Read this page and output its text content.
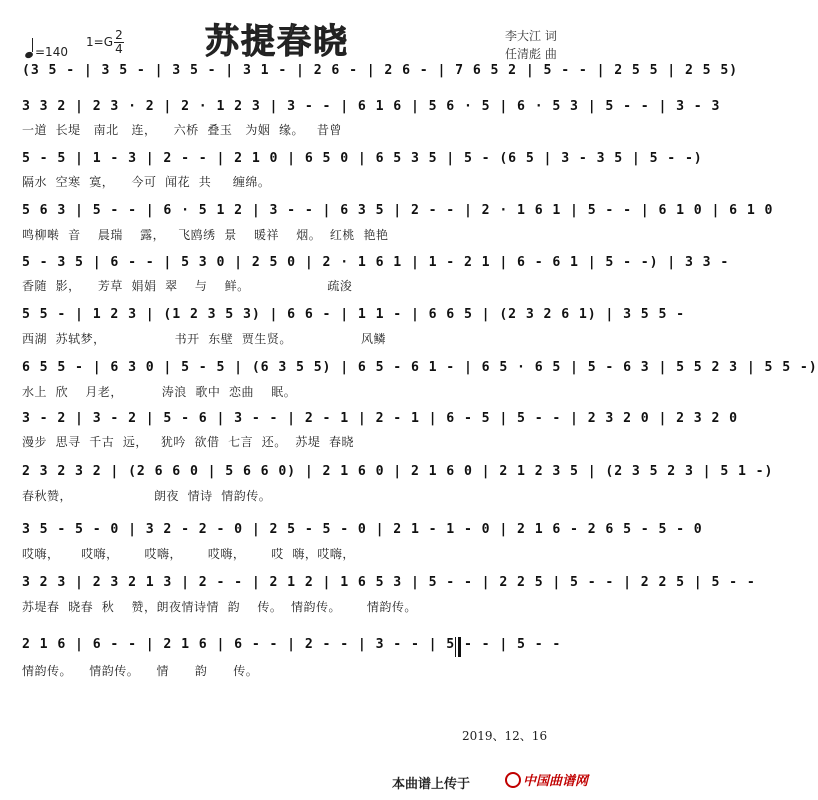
苏提春晓
=140
1=G 2
4
李大江 词
任清彪 曲
(3 5 - | 3 5 - | 3 5 - | 3 1 - | 2 6 - | 2 6 - | 7 6 5 2 | 5 - - | 2 5 5 | 2 5 5)
3 3 2 | 2 3 · 2 | 2 · 1 2 3 | 3 - - | 6 1 6 | 5 6 · 5 | 6 · 5 3 | 5 - - | 3 - 3
一道  长堤   南北   连，    六桥  叠玉   为姻  缘。   昔曾
5 - 5 | 1 - 3 | 2 - - | 2 1 0 | 6 5 0 | 6 5 3 5 | 5 - (6 5 | 3 - 3 5 | 5 - -)
隔水  空寒  寞，    今可  闻花  共     缠绵。
5 6 3 | 5 - - | 6 · 5 1 2 | 3 - - | 6 3 5 | 2 - - | 2 · 1 6 1 | 5 - - | 6 1 0 | 6 1 0
鸣柳啭  音    晨瑞    露，   飞鸥绣  景    暖祥    烟。  红桃  艳艳
5 - 3 5 | 6 - - | 5 3 0 | 2 5 0 | 2 · 1 6 1 | 1 - 2 1 | 6 - 6 1 | 5 - -) | 3 3 -
香随  影，    芳草  娟娟  翠    与    鲜。                  疏浚
5 5 - | 1 2 3 | (1 2 3 5 3) | 6 6 - | 1 1 - | 6 6 5 | (2 3 2 6 1) | 3 5 5 -
西湖  苏轼梦，                书开  东壁  贾生贤。                风鳞
6 5 5 - | 6 3 0 | 5 - 5 | (6 3 5 5) | 6 5 - 6 1 - | 6 5 · 6 5 | 5 - 6 3 | 5 5 2 3 | 5 5 -)
水上  欣    月老，         涛浪  歌中  恋曲    眠。
3 - 2 | 3 - 2 | 5 - 6 | 3 - - | 2 - 1 | 2 - 1 | 6 - 5 | 5 - - | 2 3 2 0 | 2 3 2 0
漫步  思寻  千古  远，   犹吟  欲借  七言  还。  苏堤  春晓
2 3 2 3 2 | (2 6 6 0 | 5 6 6 0) | 2 1 6 0 | 2 1 6 0 | 2 1 2 3 5 | (2 3 5 2 3 | 5 1 -)
春秋赞，                   朗夜  情诗  情韵传。
3 5 - 5 - 0 | 3 2 - 2 - 0 | 2 5 - 5 - 0 | 2 1 - 1 - 0 | 2 1 6 - 2 6 5 - 5 - 0
哎嗨，     哎嗨，      哎嗨，      哎嗨，      哎  嗨，哎嗨，
3 2 3 | 2 3 2 1 3 | 2 - - | 2 1 2 | 1 6 5 3 | 5 - - | 2 2 5 | 5 - - | 2 2 5 | 5 - -
苏堤春  晓春  秋    赞，朗夜情诗情  韵    传。  情韵传。      情韵传。
2 1 6 | 6 - - | 2 1 6 | 6 - - | 2 - - | 3 - - | 5 - - | 5 - -
情韵传。    情韵传。    情      韵      传。
2019、12、16
本曲谱上传于	中国曲谱网
